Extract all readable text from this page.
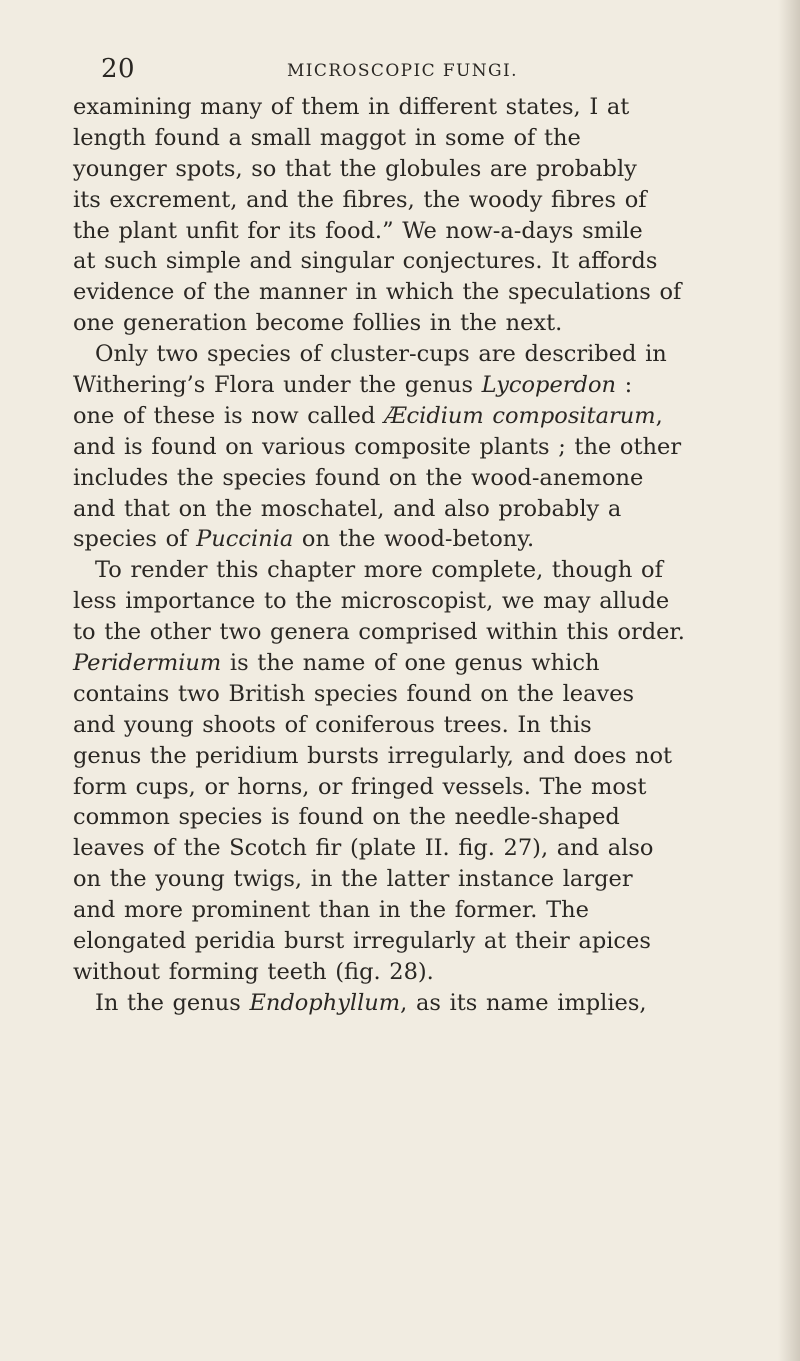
20	MICROSCOPIC FUNGI.
examining many of them in different states, I at
length found a small maggot in some of the
younger spots, so that the globules are probably
its excrement, and the fibres, the woody fibres of
the plant unfit for its food.” We now-a-days smile
at such simple and singular conjectures. It affords
evidence of the manner in which the speculations of
one generation become follies in the next.
Only two species of cluster-cups are described in
Withering’s Flora under the genus Lycoperdon :
one of these is now called Æcidium compositarum,
and is found on various composite plants ; the other
includes the species found on the wood-anemone
and that on the moschatel, and also probably a
species of Puccinia on the wood-betony.
To render this chapter more complete, though of
less importance to the microscopist, we may allude
to the other two genera comprised within this order.
Peridermium is the name of one genus which
contains two British species found on the leaves
and young shoots of coniferous trees. In this
genus the peridium bursts irregularly, and does not
form cups, or horns, or fringed vessels. The most
common species is found on the needle-shaped
leaves of the Scotch fir (plate II. fig. 27), and also
on the young twigs, in the latter instance larger
and more prominent than in the former. The
elongated peridia burst irregularly at their apices
without forming teeth (fig. 28).
In the genus Endophyllum, as its name implies,
